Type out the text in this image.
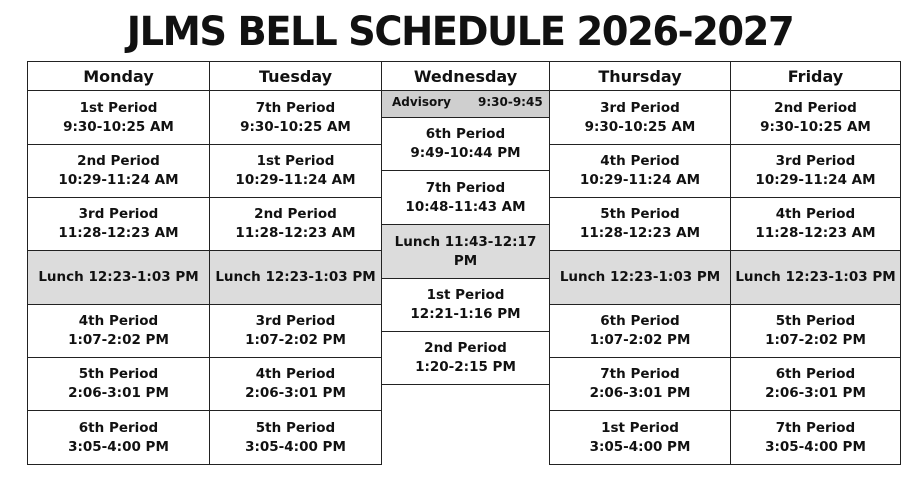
JLMS BELL SCHEDULE 2026-2027
Monday
1st Period
9:30-10:25 AM
2nd Period
10:29-11:24 AM
3rd Period
11:28-12:23 AM
Lunch 12:23-1:03 PM
4th Period
1:07-2:02 PM
5th Period
2:06-3:01 PM
6th Period
3:05-4:00 PM
Tuesday
7th Period
9:30-10:25 AM
1st Period
10:29-11:24 AM
2nd Period
11:28-12:23 AM
Lunch 12:23-1:03 PM
3rd Period
1:07-2:02 PM
4th Period
2:06-3:01 PM
5th Period
3:05-4:00 PM
Wednesday
Advisory 9:30-9:45
6th Period
9:49-10:44 PM
7th Period
10:48-11:43 AM
Lunch 11:43-12:17 PM
1st Period
12:21-1:16 PM
2nd Period
1:20-2:15 PM
Thursday
3rd Period
9:30-10:25 AM
4th Period
10:29-11:24 AM
5th Period
11:28-12:23 AM
Lunch 12:23-1:03 PM
6th Period
1:07-2:02 PM
7th Period
2:06-3:01 PM
1st Period
3:05-4:00 PM
Friday
2nd Period
9:30-10:25 AM
3rd Period
10:29-11:24 AM
4th Period
11:28-12:23 AM
Lunch 12:23-1:03 PM
5th Period
1:07-2:02 PM
6th Period
2:06-3:01 PM
7th Period
3:05-4:00 PM
